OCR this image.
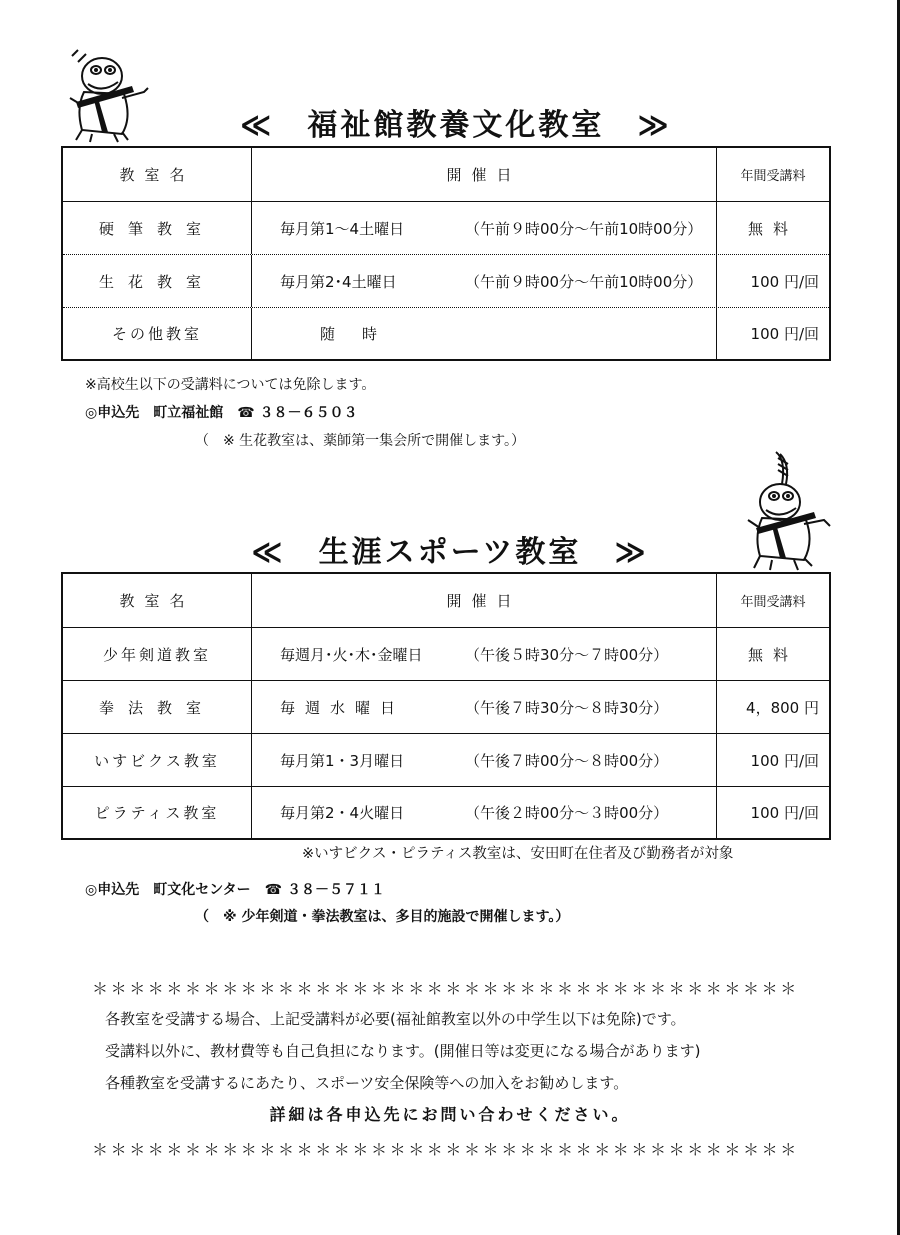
≪　福祉館教養文化教室　≫
教室名	開催日	年間受講料
硬筆教室	毎月第1～4土曜日	（午前９時00分～午前10時00分）	無料
生花教室	毎月第2･4土曜日	（午前９時00分～午前10時00分）	100 円/回
その他教室	随　時	100 円/回
※高校生以下の受講料については免除します。
◎申込先　町立福祉館　☎ ３８－６５０３
（　※ 生花教室は、薬師第一集会所で開催します。）
≪　生涯スポーツ教室　≫
教室名	開催日	年間受講料
少年剣道教室	毎週月･火･木･金曜日	（午後５時30分～７時00分）	無料
拳法教室	毎週水曜日	（午後７時30分～８時30分）	4，800 円
いすビクス教室	毎月第1・3月曜日	（午後７時00分～８時00分）	100 円/回
ピラティス教室	毎月第2・4火曜日	（午後２時00分～３時00分）	100 円/回
※いすビクス・ピラティス教室は、安田町在住者及び勤務者が対象
◎申込先　町文化センター　☎ ３８－５７１１
（　※ 少年剣道・拳法教室は、多目的施設で開催します。）
＊＊＊＊＊＊＊＊＊＊＊＊＊＊＊＊＊＊＊＊＊＊＊＊＊＊＊＊＊＊＊＊＊＊＊＊＊＊
各教室を受講する場合、上記受講料が必要(福祉館教室以外の中学生以下は免除)です。
受講料以外に、教材費等も自己負担になります。(開催日等は変更になる場合があります)
各種教室を受講するにあたり、スポーツ安全保険等への加入をお勧めします。
詳細は各申込先にお問い合わせください。
＊＊＊＊＊＊＊＊＊＊＊＊＊＊＊＊＊＊＊＊＊＊＊＊＊＊＊＊＊＊＊＊＊＊＊＊＊＊
